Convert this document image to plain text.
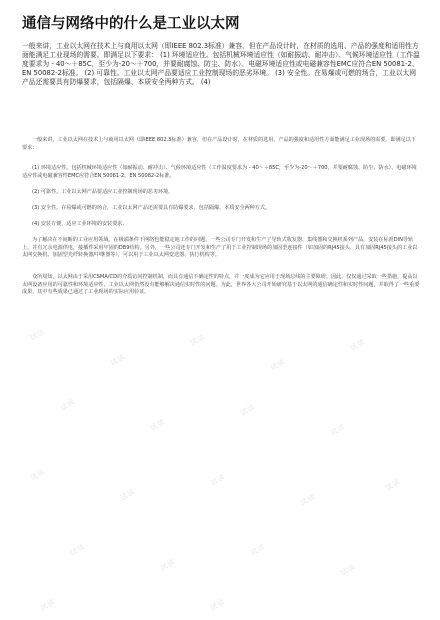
通信与网络中的什么是工业以太网

一般来讲，工业以太网在技术上与商用以太网（即IEEE 802.3标准）兼容，但在产品设计时，在材质的选用、产品的强度和适用性方面能满足工业现场的需要。即满足以下要求： (1) 环境适应性。包括机械环境适应性（如耐振动、耐冲击）、气候环境适应性（工作温度要求为 - 40～＋85C，至少为-20～＋700，并要耐腐蚀、防尘、防水）、电磁环境适应性或电磁兼容性EMC应符合EN 50081-2、EN 50082-2标准。 (2) 可靠性。工业以太网产品要适应工业控制现场的恶劣环境。 (3) 安全性。在易爆或可燃的场合，工业以太网产品还需要具有防爆要求，包括隔爆、本质安全两种方式。 (4)

一般来讲，工业以太网在技术上与商用以太网（即IEEE 802.3标准）兼容，但在产品设计时，在材质的选用、产品的强度和适用性方面能满足工业现场的需要。即满足以下要求：

(1) 环境适应性。包括机械环境适应性（如耐振动、耐冲击）、气候环境适应性（工作温度要求为 - 40～＋85C，至少为-20～＋700，并要耐腐蚀、防尘、防水）、电磁环境适应性或电磁兼容性EMC应符合EN 50081-2、EN 50082-2标准。

(2) 可靠性。工业以太网产品要适应工业控制现场的恶劣环境。

(3) 安全性。在易爆或可燃的场合，工业以太网产品还需要具有防爆要求，包括隔爆、本质安全两种方式。

(4) 安装方便，适应工业环境的安装要求。

为了解决在不间断的工业应用领域，在极端条件下网络也能稳定地工作的问题，一些公司专门开发和生产了导轨式收发器、集线器和交换机系列产品，安装在标准DIN导轨上，并有冗余电源供电，接插件采用牢固的DB9结构。另外，一些公司还专门开发和生产了用于工业控制现场的加固型连接件（如加固的RJ45接头、具有加固RJ45接头的工业以太网交换机、加固型光纤转换器/中继器等），可以用于工业以太网变送器、执行机构等。

众所周知，以太网由于采用CSMA/CD的介质访问控制机制，而具有通信不确定性的特点，并一度成为它应用于现场总线的主要障碍。因此，仅仅通过采取一些措施，提高以太网设备应用的可靠性和环境适应性，工业以太网仍然没有能够解决通信实时性的问题。为此，世界各大公司开始研究基于以太网的通信确定性和实时性问题，并取得了一些重要成果，其中有些成果已通过了工业现场的实际应用验证。

试读
试读
试读
试读
试读
试读
试读
试读
试读
试读
试读
试读
试读
试读
试读
试读
试读
试读
试读	试读
